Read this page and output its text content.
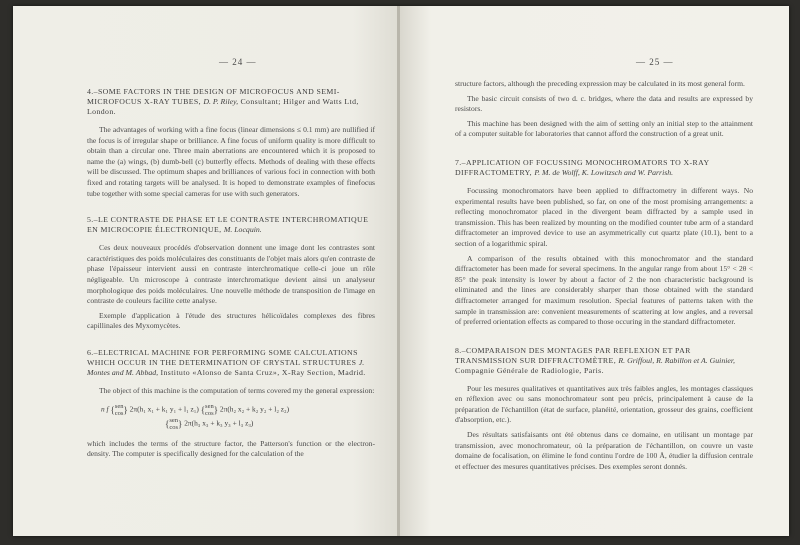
— 24 —
4.–SOME FACTORS IN THE DESIGN OF MICROFOCUS AND SEMI-MICROFOCUS X-RAY TUBES, D. P. Riley, Consultant; Hilger and Watts Ltd, London.

The advantages of working with a fine focus (linear dimensions ≤ 0.1 mm) are nullified if the focus is of irregular shape or brilliance. A fine focus of uniform quality is more difficult to obtain than a circular one. Three main aberrations are encountered which it is proposed to name the (a) wings, (b) dumb-bell (c) butterfly effects. Methods of dealing with these effects will be discussed. The optimum shapes and brilliances of various foci in connection with both fixed and rotating targets will be analysed. It is hoped to demonstrate examples of finefocus tube together with some special cameras for use with such generators.

5.–LE CONTRASTE DE PHASE ET LE CONTRASTE INTERCHROMATIQUE EN MICROCOPIE ÉLECTRONIQUE, M. Locquin.

Ces deux nouveaux procédés d'observation donnent une image dont les contrastes sont caractéristiques des poids moléculaires des constituants de l'objet mais alors qu'en contraste de phase l'épaisseur intervient aussi en contraste interchromatique celle-ci joue un rôle négligeable. Un microscope à contraste interchromatique devient ainsi un analyseur morphologique des poids moléculaires. Une nouvelle méthode de transposition de l'image en contraste de couleurs facilite cette analyse.

Exemple d'application à l'étude des structures hélicoïdales complexes des fibres capillinales des Myxomycètes.

6.–ELECTRICAL MACHINE FOR PERFORMING SOME CALCULATIONS WHICH OCCUR IN THE DETERMINATION OF CRYSTAL STRUCTURES J. Montes and M. Abbad, Instituto «Alonso de Santa Cruz», X-Ray Section, Madrid.

The object of this machine is the computation of terms covered my the general expression:

n f {sen
cos} 2π(h₁ x₁ + k₁ y₁ + l₁ z₁) {sen
cos} 2π(h₂ x₂ + k₂ y₂ + l₂ z₂)
{sen
cos} 2π(h₃ x₃ + k₃ y₃ + l₃ z₃)

which includes the terms of the structure factor, the Patterson's function or the electron-density. The computer is specifically designed for the calculation of the

— 25 —

structure factors, although the preceding expression may be calculated in its most general form.

The basic circuit consists of two d. c. bridges, where the data and results are expressed by resistors.

This machine has been designed with the aim of setting only an initial step to the attainment of a computer suitable for laboratories that cannot afford the construction of a great unit.

7.–APPLICATION OF FOCUSSING MONOCHROMATORS TO X-RAY DIFFRACTOMETRY, P. M. de Wolff, K. Lowitzsch and W. Parrish.

Focussing monochromators have been applied to diffractometry in different ways. No experimental results have been published, so far, on one of the most promising arrangements: a reflecting monochromator placed in the divergent beam diffracted by a sample used in transmission. This has been realized by mounting on the modified counter tube arm of a standard diffractometer an improved device to use an asymmetrically cut quartz plate (10.1), bent to a section of a logarithmic spiral.

A comparison of the results obtained with this monochromator and the standard diffractometer has been made for several specimens. In the angular range from about 15° < 2θ < 85° the peak intensity is lower by about a factor of 2 the non characteristic background is eliminated and the lines are considerably sharper than those obtained with the standard diffractometer arranged for maximum resolution. Special features of patterns taken with the sample in transmission are: convenient measurements of scattering at low angles, and a reversal of preferred orientation effects as compared to those occuring in the standard diffractometer.

8.–COMPARAISON DES MONTAGES PAR REFLEXION ET PAR TRANSMISSION SUR DIFFRACTOMÈTRE, R. Griffoul, R. Rabillon et A. Guinier, Compagnie Générale de Radiologie, Paris.

Pour les mesures qualitatives et quantitatives aux très faibles angles, les montages classiques en réflexion avec ou sans monochromateur sont peu précis, principalement à cause de la préparation de l'échantillon (état de surface, planéité, orientation, grosseur des grains, coefficient d'absorption, etc.).

Des résultats satisfaisants ont été obtenus dans ce domaine, en utilisant un montage par transmission, avec monochromateur, où la préparation de l'échantillon, on couvre un vaste domaine de focalisation, on élimine le fond continu l'ordre de 100 Å, étudier la diffusion centrale et effectuer des mesures quantitatives précises. Des exemples seront donnés.
